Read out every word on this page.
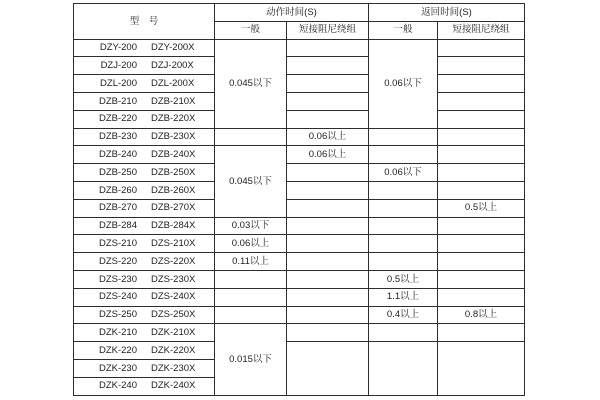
型　号	动作时间(S)		返回时间(S)	
	一般	短接阻尼绕组	一般	短接阻尼绕组

DZY-200 DZY-200X	0.045以下		0.06以下	

DZJ-200 DZJ-200X				

DZL-200 DZL-200X				

DZB-210 DZB-210X				

DZB-220 DZB-220X				

DZB-230 DZB-230X		0.06以上		

DZB-240 DZB-240X	0.045以下	0.06以上		

DZB-250 DZB-250X			0.06以下	

DZB-260 DZB-260X				

DZB-270 DZB-270X				0.5以上

DZB-284 DZB-284X	0.03以下			

DZS-210 DZS-210X	0.06以上			

DZS-220 DZS-220X	0.11以上			

DZS-230 DZS-230X			0.5以上	

DZS-240 DZS-240X			1.1以上	

DZS-250 DZS-250X			0.4以上	0.8以上

DZK-210 DZK-210X	0.015以下			

DZK-220 DZK-220X				

DZK-230 DZK-230X				

DZK-240 DZK-240X				
